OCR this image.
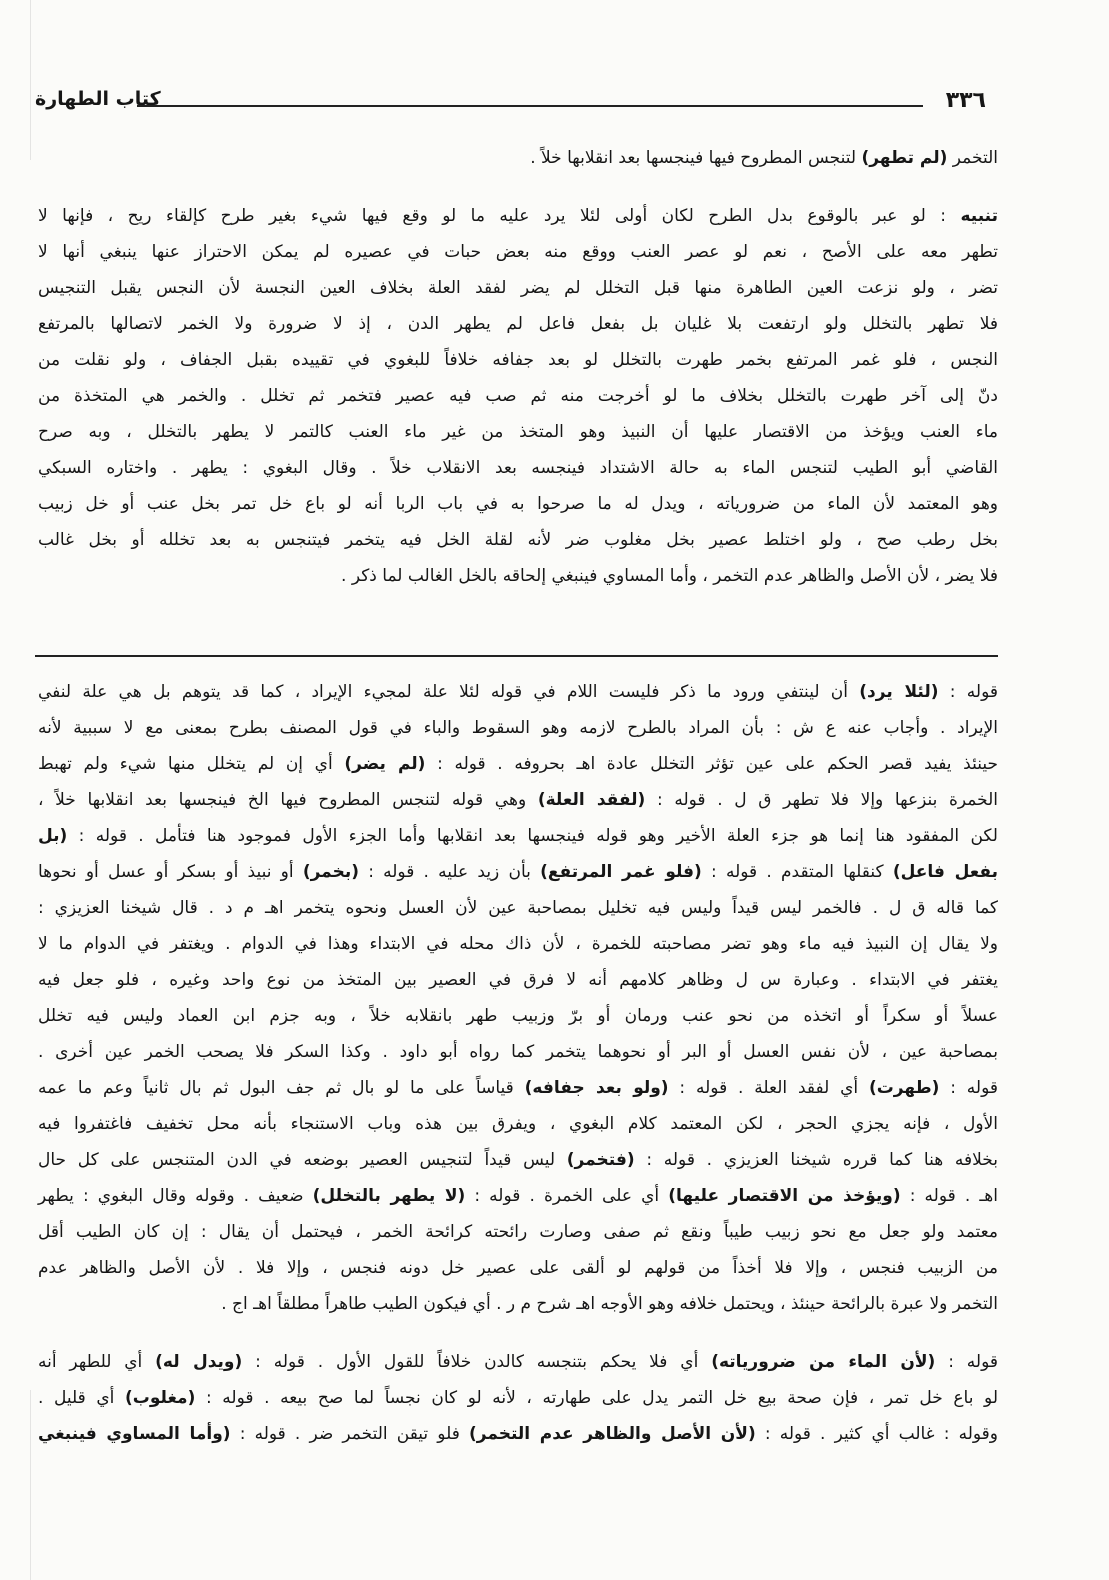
٣٣٦
كتاب الطهارة
التخمر (لم تطهر) لتنجس المطروح فيها فينجسها بعد انقلابها خلاً .
تنبيه : لو عبر بالوقوع بدل الطرح لكان أولى لئلا يرد عليه ما لو وقع فيها شيء بغير طرح كإلقاء ريح ، فإنها لا
تطهر معه على الأصح ، نعم لو عصر العنب ووقع منه بعض حبات في عصيره لم يمكن الاحتراز عنها ينبغي أنها لا
تضر ، ولو نزعت العين الطاهرة منها قبل التخلل لم يضر لفقد العلة بخلاف العين النجسة لأن النجس يقبل التنجيس
فلا تطهر بالتخلل ولو ارتفعت بلا غليان بل بفعل فاعل لم يطهر الدن ، إذ لا ضرورة ولا الخمر لاتصالها بالمرتفع
النجس ، فلو غمر المرتفع بخمر طهرت بالتخلل لو بعد جفافه خلافاً للبغوي في تقييده بقبل الجفاف ، ولو نقلت من
دنّ إلى آخر طهرت بالتخلل بخلاف ما لو أخرجت منه ثم صب فيه عصير فتخمر ثم تخلل . والخمر هي المتخذة من
ماء العنب ويؤخذ من الاقتصار عليها أن النبيذ وهو المتخذ من غير ماء العنب كالتمر لا يطهر بالتخلل ، وبه صرح
القاضي أبو الطيب لتنجس الماء به حالة الاشتداد فينجسه بعد الانقلاب خلاً . وقال البغوي : يطهر . واختاره السبكي
وهو المعتمد لأن الماء من ضرورياته ، ويدل له ما صرحوا به في باب الربا أنه لو باع خل تمر بخل عنب أو خل زبيب
بخل رطب صح ، ولو اختلط عصير بخل مغلوب ضر لأنه لقلة الخل فيه يتخمر فيتنجس به بعد تخلله أو بخل غالب
فلا يضر ، لأن الأصل والظاهر عدم التخمر ، وأما المساوي فينبغي إلحاقه بالخل الغالب لما ذكر .
قوله : (لئلا يرد) أن لينتفي ورود ما ذكر فليست اللام في قوله لئلا علة لمجيء الإيراد ، كما قد يتوهم بل هي علة لنفي
الإيراد . وأجاب عنه ع ش : بأن المراد بالطرح لازمه وهو السقوط والباء في قول المصنف بطرح بمعنى مع لا سببية لأنه
حينئذ يفيد قصر الحكم على عين تؤثر التخلل عادة اهـ بحروفه . قوله : (لم يضر) أي إن لم يتخلل منها شيء ولم تهبط
الخمرة بنزعها وإلا فلا تطهر ق ل . قوله : (لفقد العلة) وهي قوله لتنجس المطروح فيها الخ فينجسها بعد انقلابها خلاً ،
لكن المفقود هنا إنما هو جزء العلة الأخير وهو قوله فينجسها بعد انقلابها وأما الجزء الأول فموجود هنا فتأمل . قوله : (بل
بفعل فاعل) كنقلها المتقدم . قوله : (فلو غمر المرتفع) بأن زيد عليه . قوله : (بخمر) أو نبيذ أو بسكر أو عسل أو نحوها
كما قاله ق ل . فالخمر ليس قيداً وليس فيه تخليل بمصاحبة عين لأن العسل ونحوه يتخمر اهـ م د . قال شيخنا العزيزي :
ولا يقال إن النبيذ فيه ماء وهو تضر مصاحبته للخمرة ، لأن ذاك محله في الابتداء وهذا في الدوام . ويغتفر في الدوام ما لا
يغتفر في الابتداء . وعبارة س ل وظاهر كلامهم أنه لا فرق في العصير بين المتخذ من نوع واحد وغيره ، فلو جعل فيه
عسلاً أو سكراً أو اتخذه من نحو عنب ورمان أو برّ وزبيب طهر بانقلابه خلاً ، وبه جزم ابن العماد وليس فيه تخلل
بمصاحبة عين ، لأن نفس العسل أو البر أو نحوهما يتخمر كما رواه أبو داود . وكذا السكر فلا يصحب الخمر عين أخرى .
قوله : (طهرت) أي لفقد العلة . قوله : (ولو بعد جفافه) قياساً على ما لو بال ثم جف البول ثم بال ثانياً وعم ما عمه
الأول ، فإنه يجزي الحجر ، لكن المعتمد كلام البغوي ، ويفرق بين هذه وباب الاستنجاء بأنه محل تخفيف فاغتفروا فيه
بخلافه هنا كما قرره شيخنا العزيزي . قوله : (فتخمر) ليس قيداً لتنجيس العصير بوضعه في الدن المتنجس على كل حال
اهـ . قوله : (ويؤخذ من الاقتصار عليها) أي على الخمرة . قوله : (لا يطهر بالتخلل) ضعيف . وقوله وقال البغوي : يطهر
معتمد ولو جعل مع نحو زبيب طيباً ونقع ثم صفى وصارت رائحته كرائحة الخمر ، فيحتمل أن يقال : إن كان الطيب أقل
من الزبيب فنجس ، وإلا فلا أخذاً من قولهم لو ألقى على عصير خل دونه فنجس ، وإلا فلا . لأن الأصل والظاهر عدم
التخمر ولا عبرة بالرائحة حينئذ ، ويحتمل خلافه وهو الأوجه اهـ شرح م ر . أي فيكون الطيب طاهراً مطلقاً اهـ اج .
قوله : (لأن الماء من ضرورياته) أي فلا يحكم بتنجسه كالدن خلافاً للقول الأول . قوله : (ويدل له) أي للطهر أنه
لو باع خل تمر ، فإن صحة بيع خل التمر يدل على طهارته ، لأنه لو كان نجساً لما صح بيعه . قوله : (مغلوب) أي قليل .
وقوله : غالب أي كثير . قوله : (لأن الأصل والظاهر عدم التخمر) فلو تيقن التخمر ضر . قوله : (وأما المساوي فينبغي
